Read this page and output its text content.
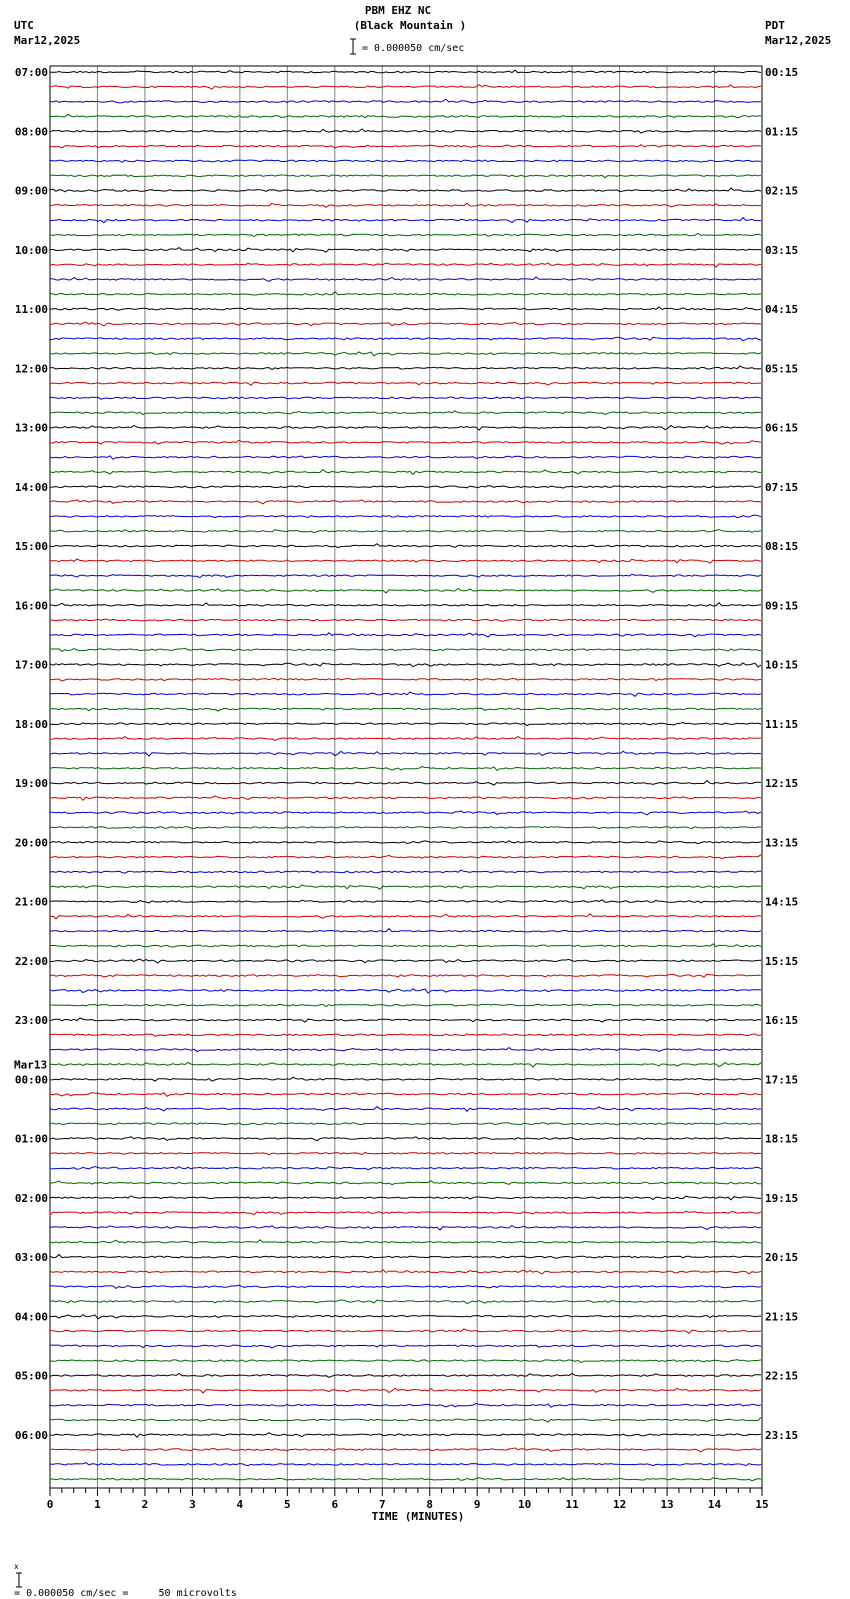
PBM EHZ NC
(Black Mountain )
UTC
Mar12,2025
PDT
Mar12,2025
= 0.000050 cm/sec
07:00	00:15
08:00	01:15
09:00	02:15
10:00	03:15
11:00	04:15
12:00	05:15
13:00	06:15
14:00	07:15
15:00	08:15
16:00	09:15
17:00	10:15
18:00	11:15
19:00	12:15
20:00	13:15
21:00	14:15
22:00	15:15
23:00	16:15
00:00	17:15
01:00	18:15
02:00	19:15
03:00	20:15
04:00	21:15
05:00	22:15
06:00	23:15
Mar13
0	1	2	3	4	5	6	7	8	9	10	11	12	13	14	15
TIME (MINUTES)

x

= 0.000050 cm/sec =     50 microvolts
